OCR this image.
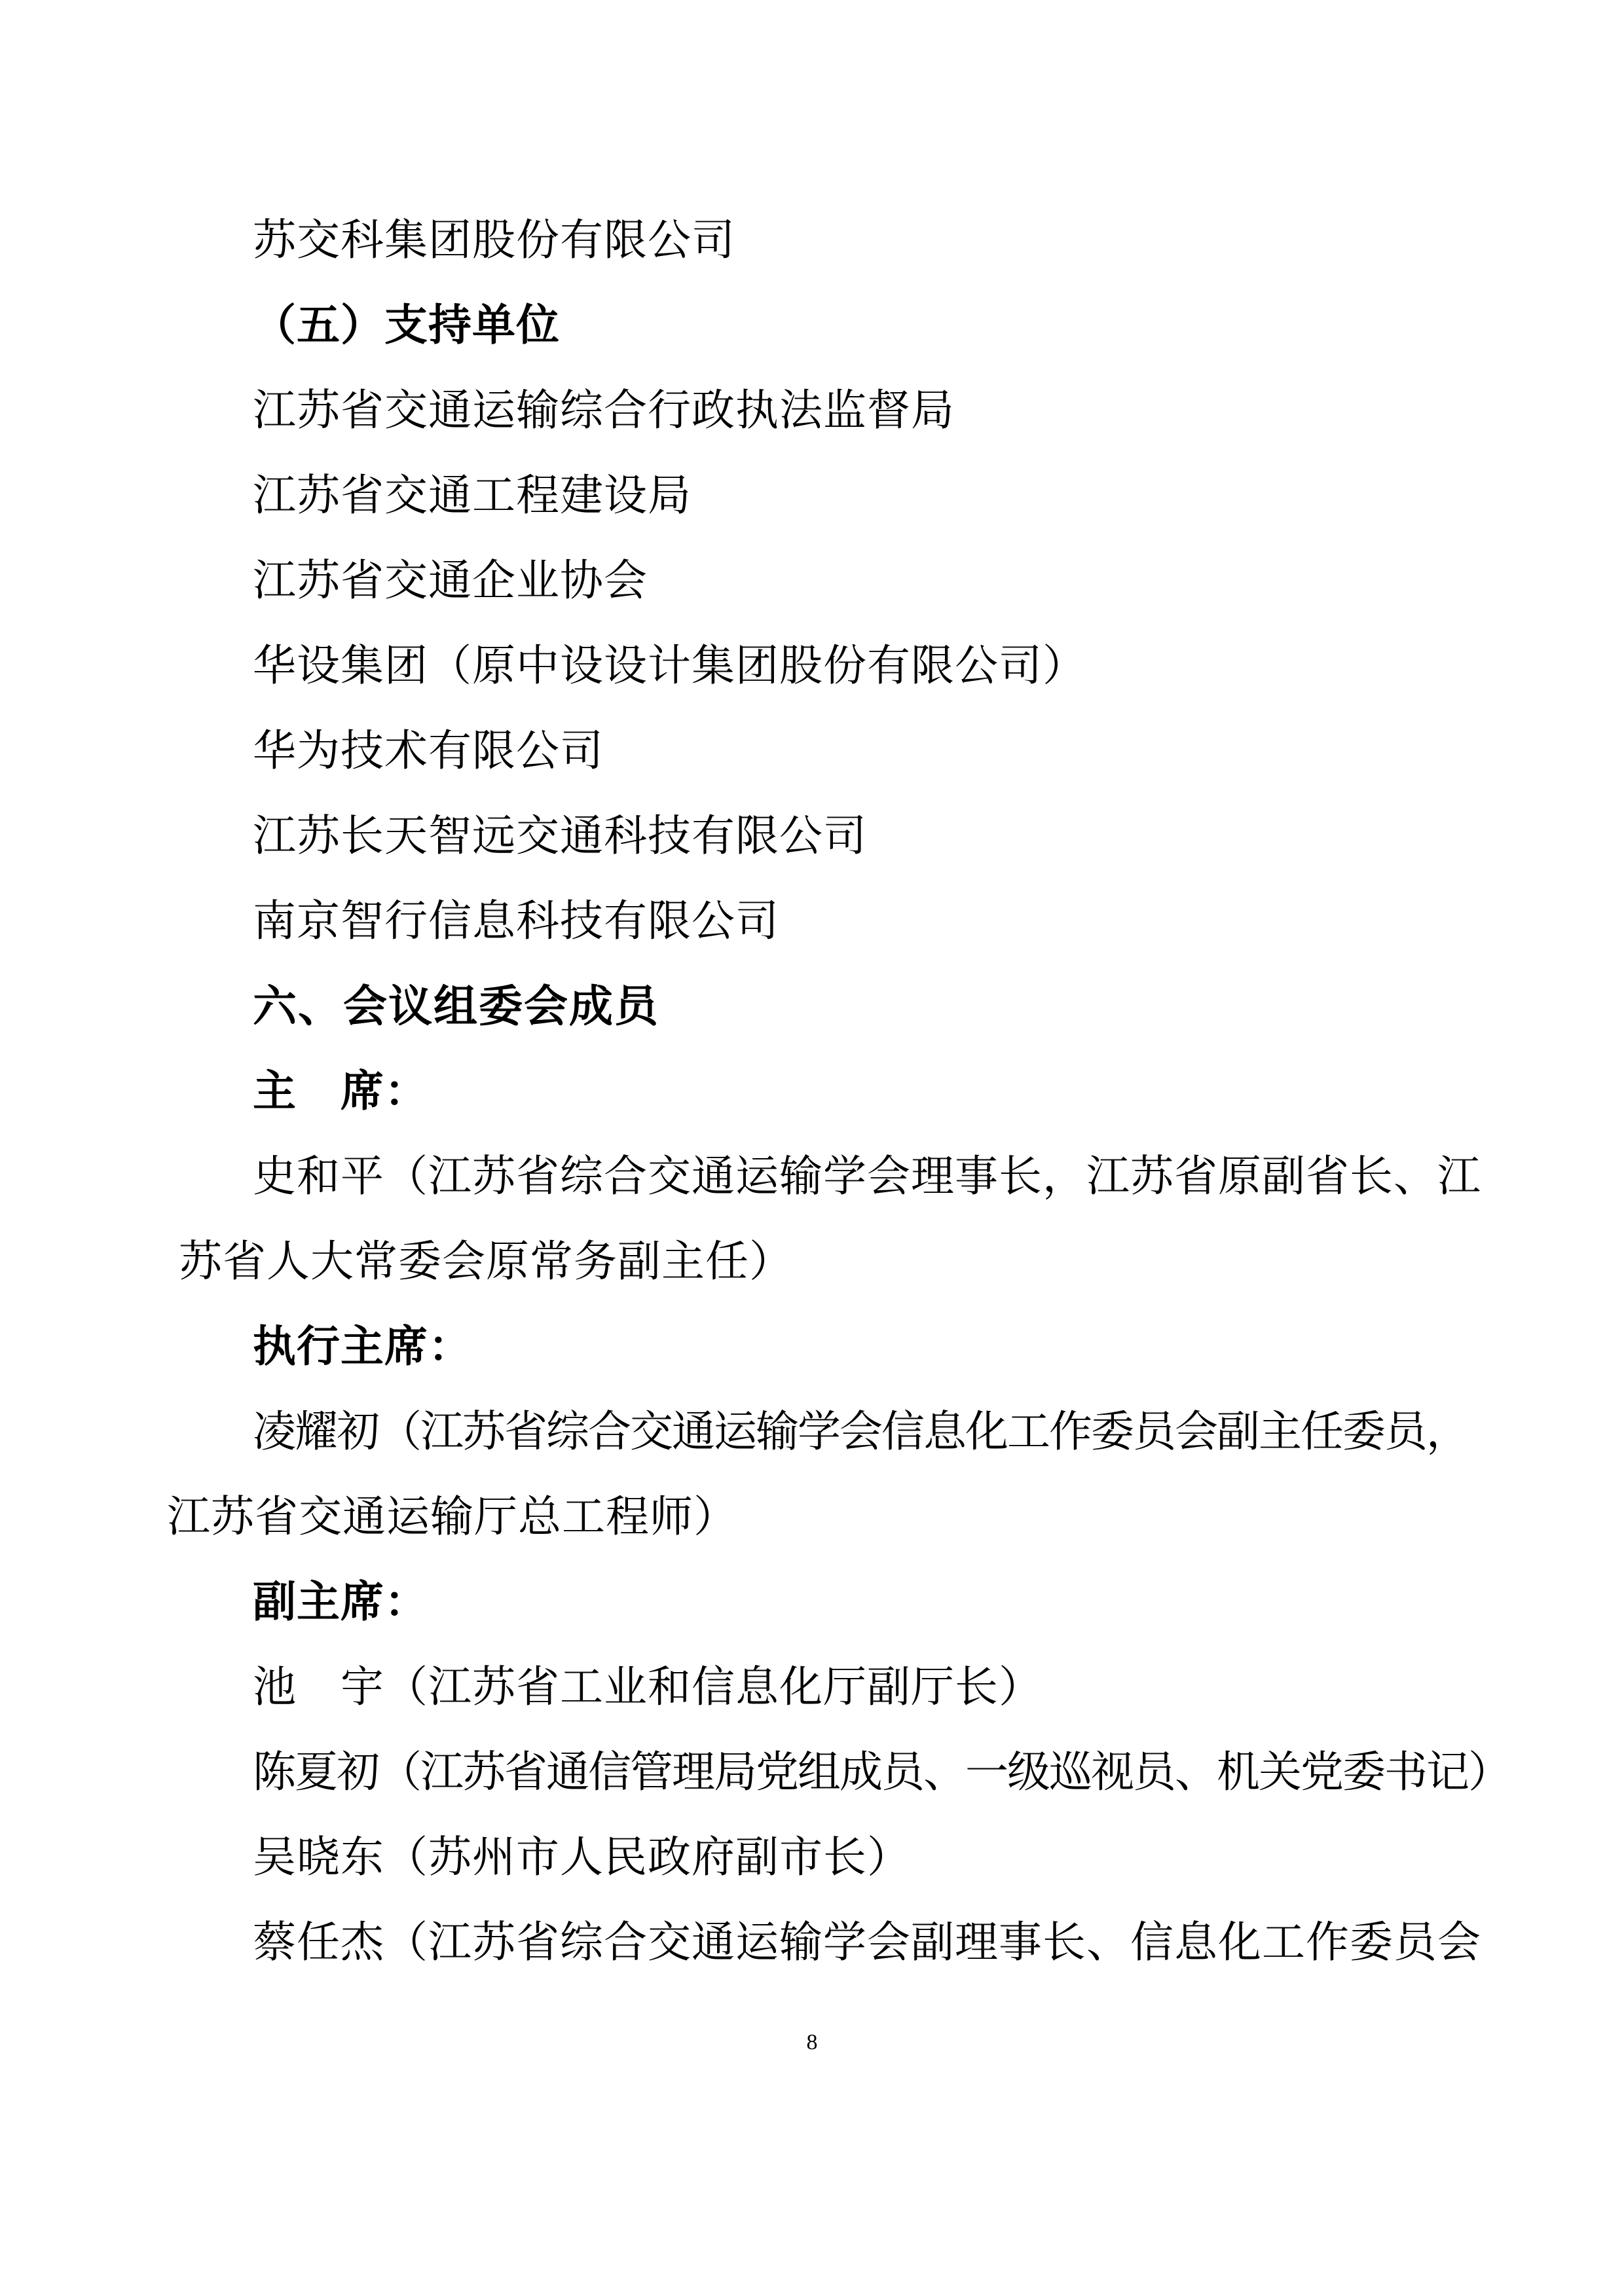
苏交科集团股份有限公司
（五）支持单位
江苏省交通运输综合行政执法监督局
江苏省交通工程建设局
江苏省交通企业协会
华设集团（原中设设计集团股份有限公司）
华为技术有限公司
江苏长天智远交通科技有限公司
南京智行信息科技有限公司
六、会议组委会成员
主　席：
史和平（江苏省综合交通运输学会理事长，江苏省原副省长、江
苏省人大常委会原常务副主任）
执行主席：
凌耀初（江苏省综合交通运输学会信息化工作委员会副主任委员，
江苏省交通运输厅总工程师）
副主席：
池　宇（江苏省工业和信息化厅副厅长）
陈夏初（江苏省通信管理局党组成员、一级巡视员、机关党委书记）
吴晓东（苏州市人民政府副市长）
蔡任杰（江苏省综合交通运输学会副理事长、信息化工作委员会
8
